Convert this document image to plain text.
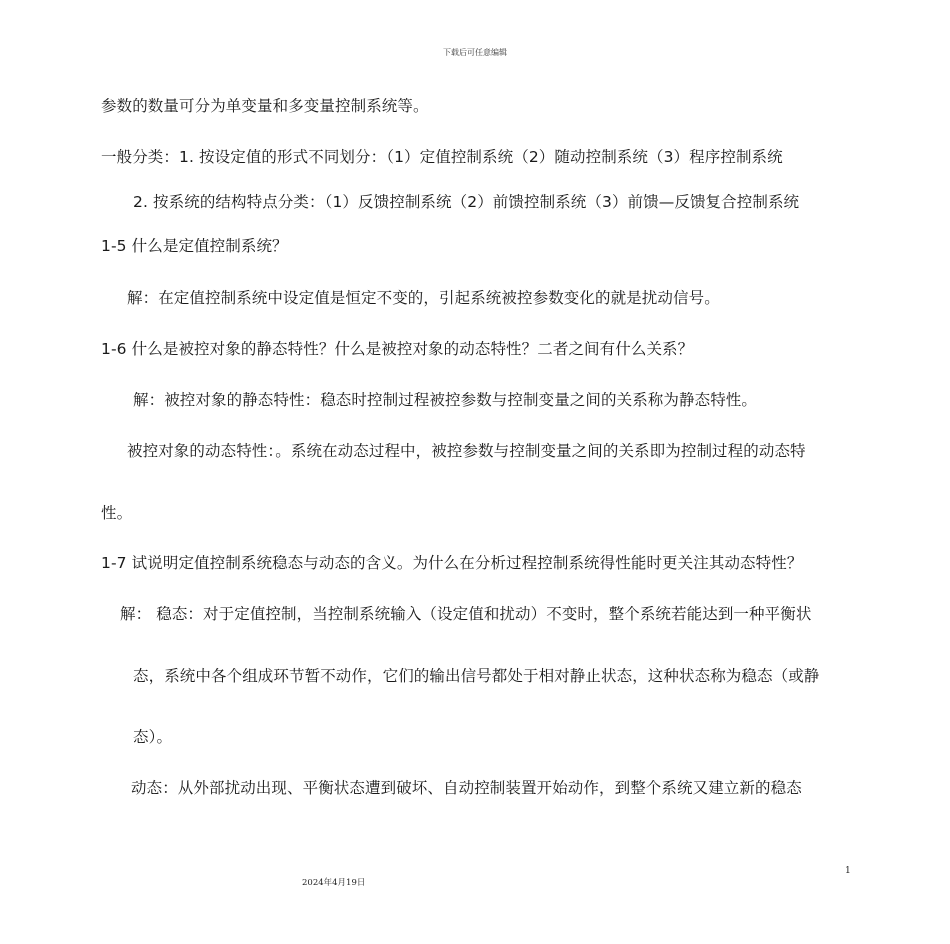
下载后可任意编辑
参数的数量可分为单变量和多变量控制系统等。
一般分类：1. 按设定值的形式不同划分：（1）定值控制系统（2）随动控制系统（3）程序控制系统
2. 按系统的结构特点分类：（1）反馈控制系统（2）前馈控制系统（3）前馈—反馈复合控制系统
1-5 什么是定值控制系统？
解：在定值控制系统中设定值是恒定不变的，引起系统被控参数变化的就是扰动信号。
1-6 什么是被控对象的静态特性？什么是被控对象的动态特性？二者之间有什么关系？
解：被控对象的静态特性：稳态时控制过程被控参数与控制变量之间的关系称为静态特性。
被控对象的动态特性：。系统在动态过程中，被控参数与控制变量之间的关系即为控制过程的动态特
性。
1-7 试说明定值控制系统稳态与动态的含义。为什么在分析过程控制系统得性能时更关注其动态特性？
解： 稳态：对于定值控制，当控制系统输入（设定值和扰动）不变时，整个系统若能达到一种平衡状
态，系统中各个组成环节暂不动作，它们的输出信号都处于相对静止状态，这种状态称为稳态（或静
态）。
动态：从外部扰动出现、平衡状态遭到破坏、自动控制装置开始动作，到整个系统又建立新的稳态
1
2024年4月19日
